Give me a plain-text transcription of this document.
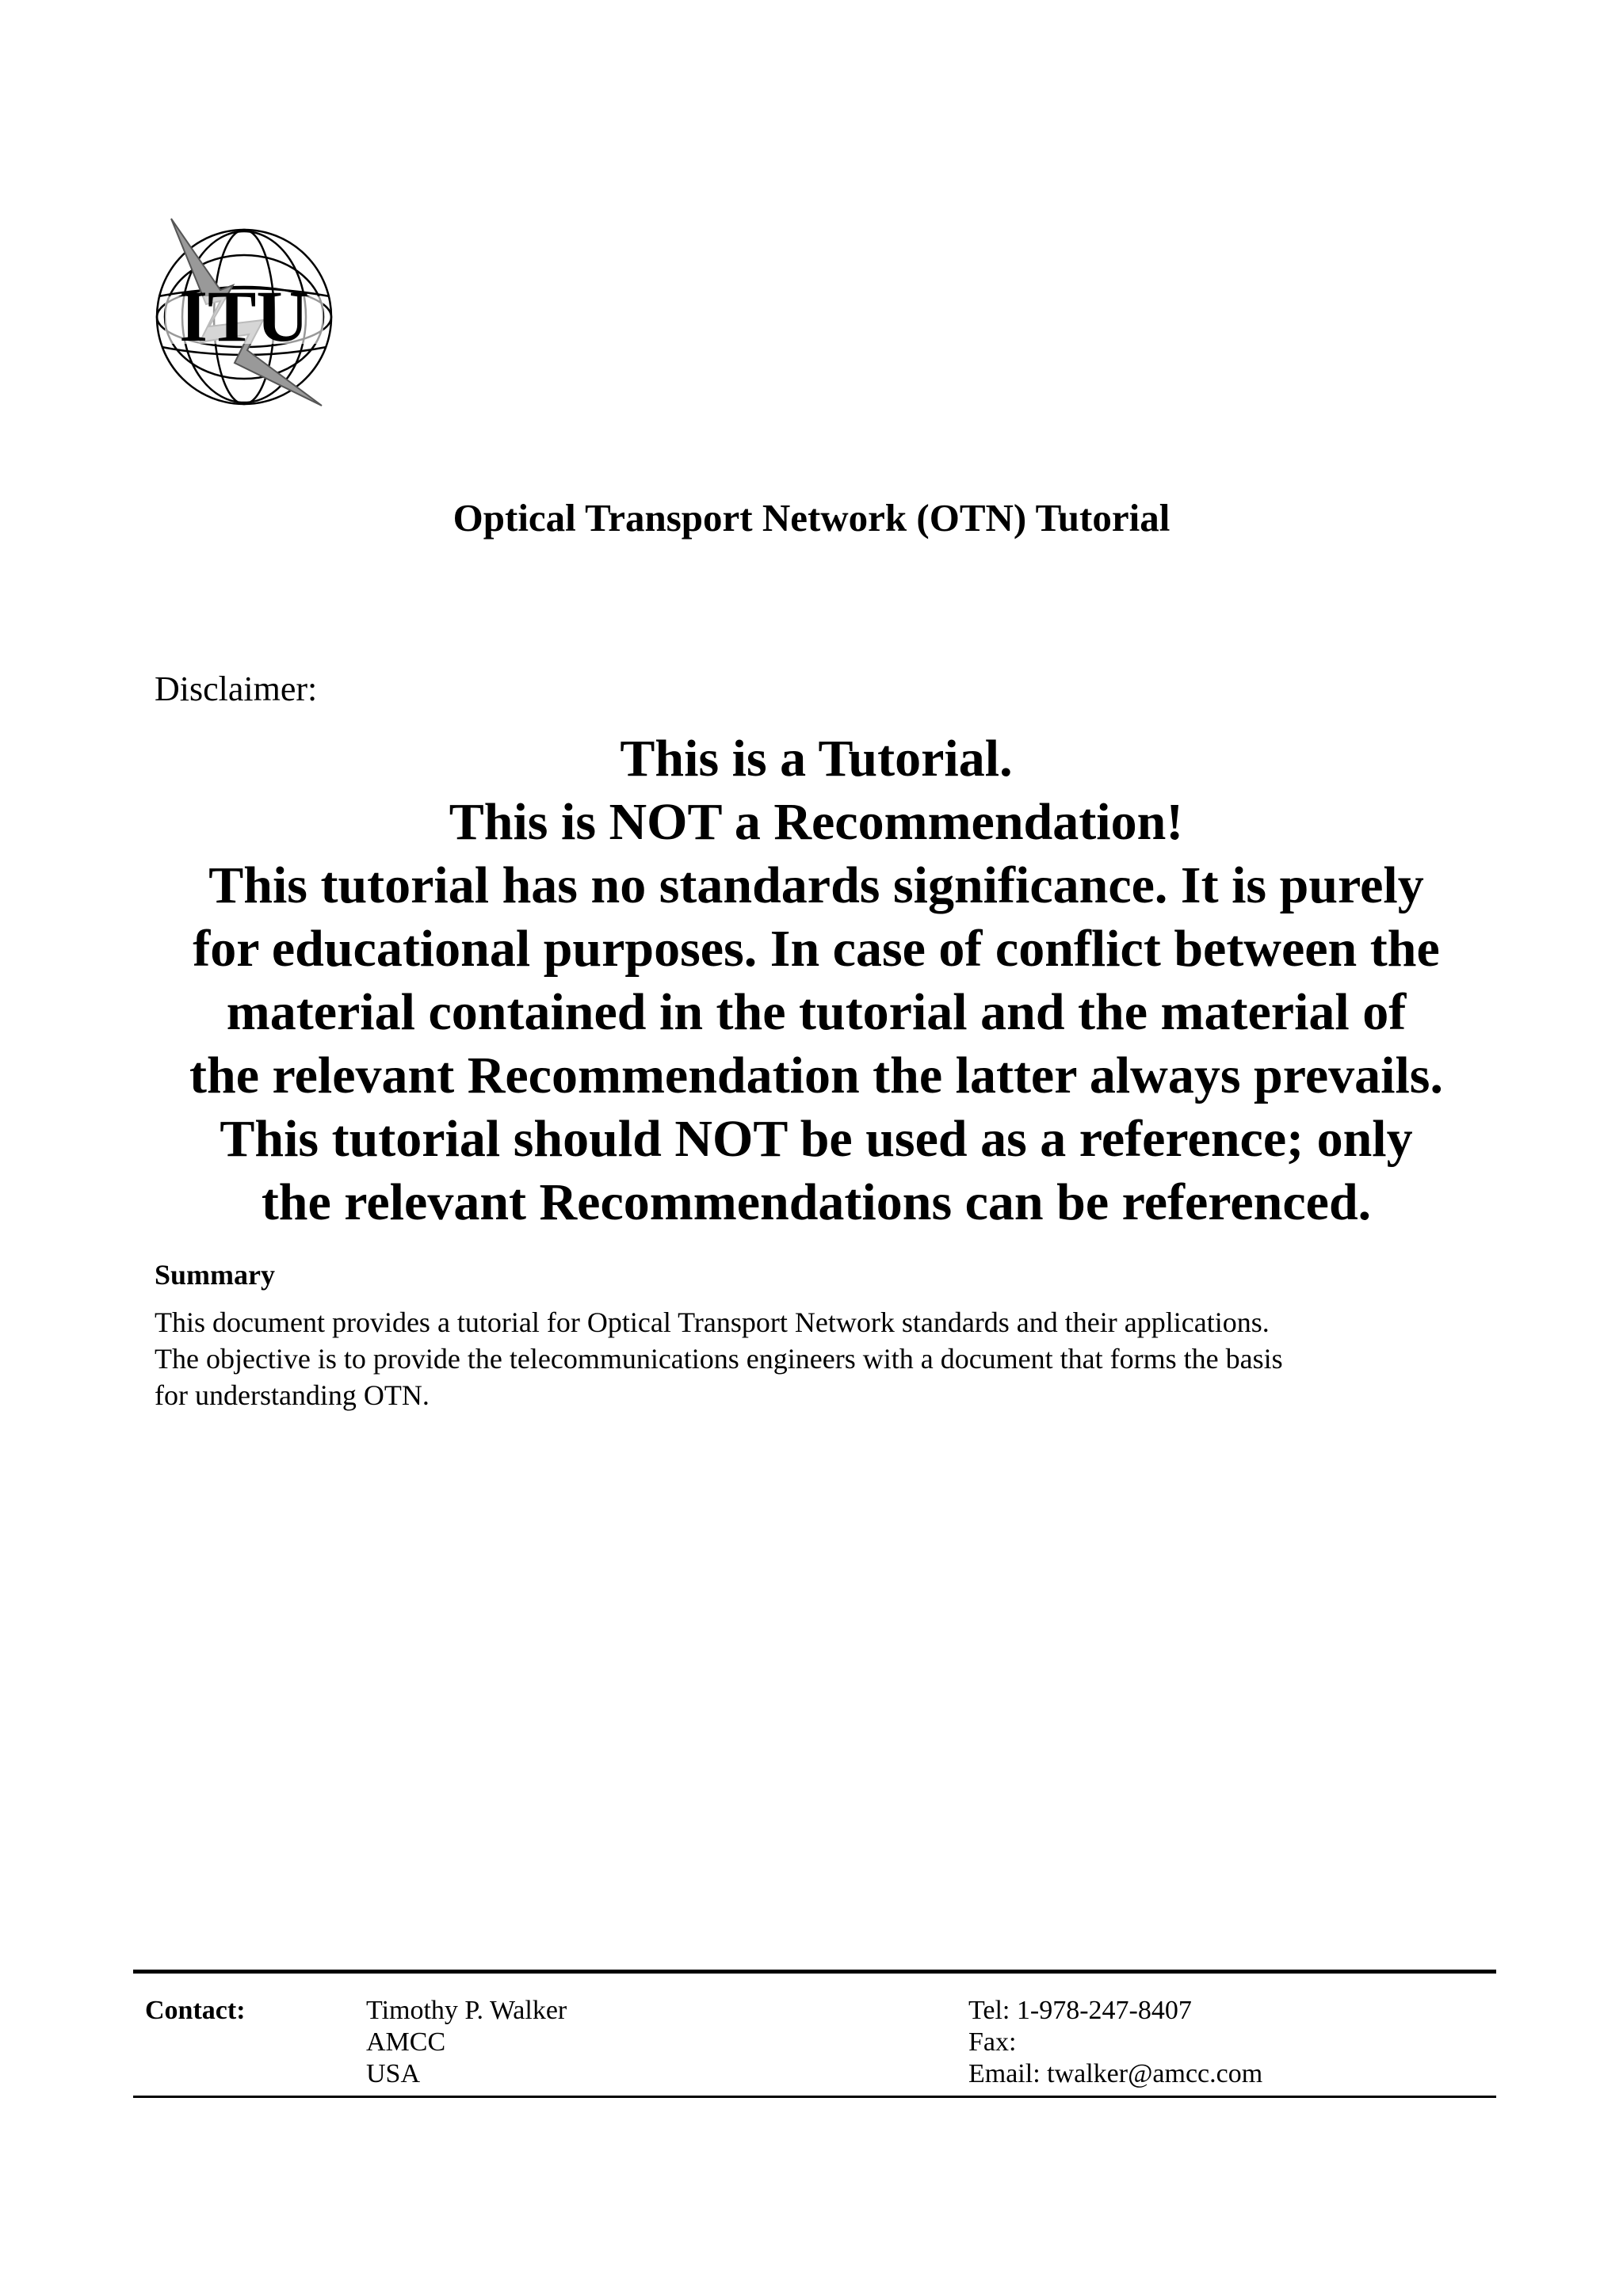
ITU
Optical Transport Network (OTN) Tutorial

Disclaimer:

This is a Tutorial.
This is NOT a Recommendation!
This tutorial has no standards significance. It is purely
for educational purposes. In case of conflict between the
material contained in the tutorial and the material of
the relevant Recommendation the latter always prevails.
This tutorial should NOT be used as a reference; only
the relevant Recommendations can be referenced.

Summary

This document provides a tutorial for Optical Transport Network standards and their applications.
The objective is to provide the telecommunications engineers with a document that forms the basis
for understanding OTN.
Contact:	Timothy P. Walker
AMCC
USA
Tel: 1-978-247-8407
Fax:
Email: twalker@amcc.com
